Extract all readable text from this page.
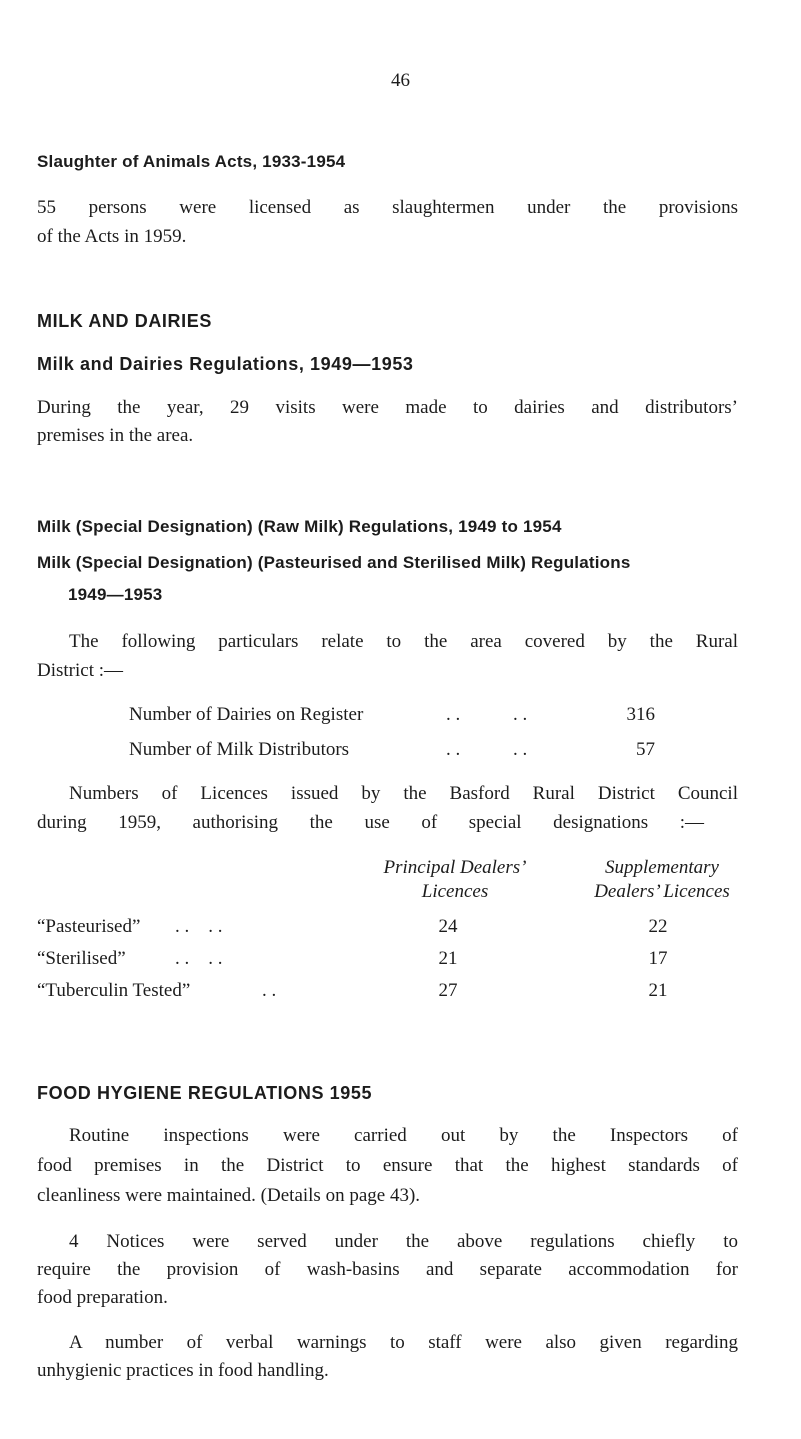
46
Slaughter of Animals Acts, 1933-1954
55 persons were licensed as slaughtermen under the provisions
of the Acts in 1959.
MILK AND DAIRIES
Milk and Dairies Regulations, 1949—1953
During the year, 29 visits were made to dairies and distributors’
premises in the area.
Milk (Special Designation) (Raw Milk) Regulations, 1949 to 1954
Milk (Special Designation) (Pasteurised and Sterilised Milk) Regulations
1949—1953
The following particulars relate to the area covered by the Rural
District :—
Number of Dairies on Register	. .	. .	316
Number of Milk Distributors	. .	. .	57
Numbers of Licences issued by the Basford Rural District Council
during 1959, authorising the use of special designations :—
Principal Dealers’
Licences
Supplementary
Dealers’ Licences
“Pasteurised” . .    . .	24	22
“Sterilised”	. .    . .	21	17
“Tuberculin Tested”	. .	27	21
FOOD HYGIENE REGULATIONS 1955
Routine inspections were carried out by the Inspectors of
food premises in the District to ensure that the highest standards of
cleanliness were maintained. (Details on page 43).
4 Notices were served under the above regulations chiefly to
require the provision of wash-basins and separate accommodation for
food preparation.
A number of verbal warnings to staff were also given regarding
unhygienic practices in food handling.
